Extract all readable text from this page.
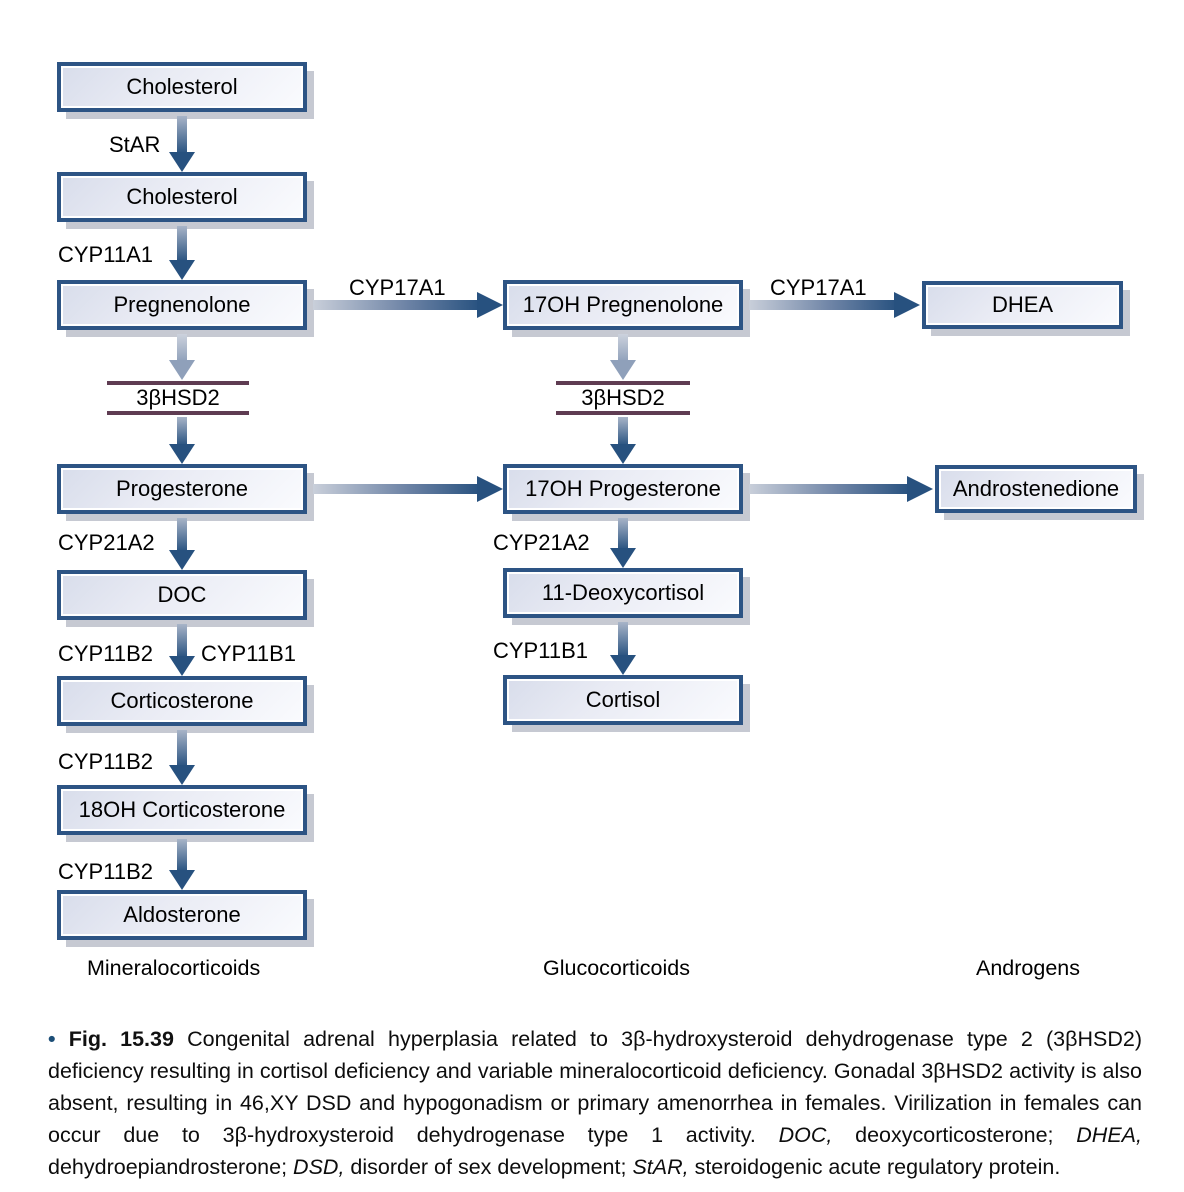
Cholesterol
Cholesterol
Pregnenolone
Progesterone
DOC
Corticosterone
18OH Corticosterone
Aldosterone
17OH Pregnenolone
17OH Progesterone
11-Deoxycortisol
Cortisol
DHEA
Androstenedione
3βHSD2	3βHSD2
StAR
CYP11A1
CYP17A1	CYP17A1
CYP21A2
CYP11B2 CYP11B1
CYP11B2
CYP11B2
CYP21A2
CYP11B1
Mineralocorticoids	Glucocorticoids	Androgens

• Fig. 15.39 Congenital adrenal hyperplasia related to 3β-hydroxysteroid dehydrogenase type 2 (3βHSD2) deficiency resulting in cortisol deficiency and variable mineralocorticoid deficiency. Gonadal 3βHSD2 activity is also absent, resulting in 46,XY DSD and hypogonadism or primary amenorrhea in females. Virilization in females can occur due to 3β-hydroxysteroid dehydrogenase type 1 activity. DOC, deoxycorticosterone; DHEA, dehydroepiandrosterone; DSD, disorder of sex development; StAR, steroidogenic acute regulatory protein.
